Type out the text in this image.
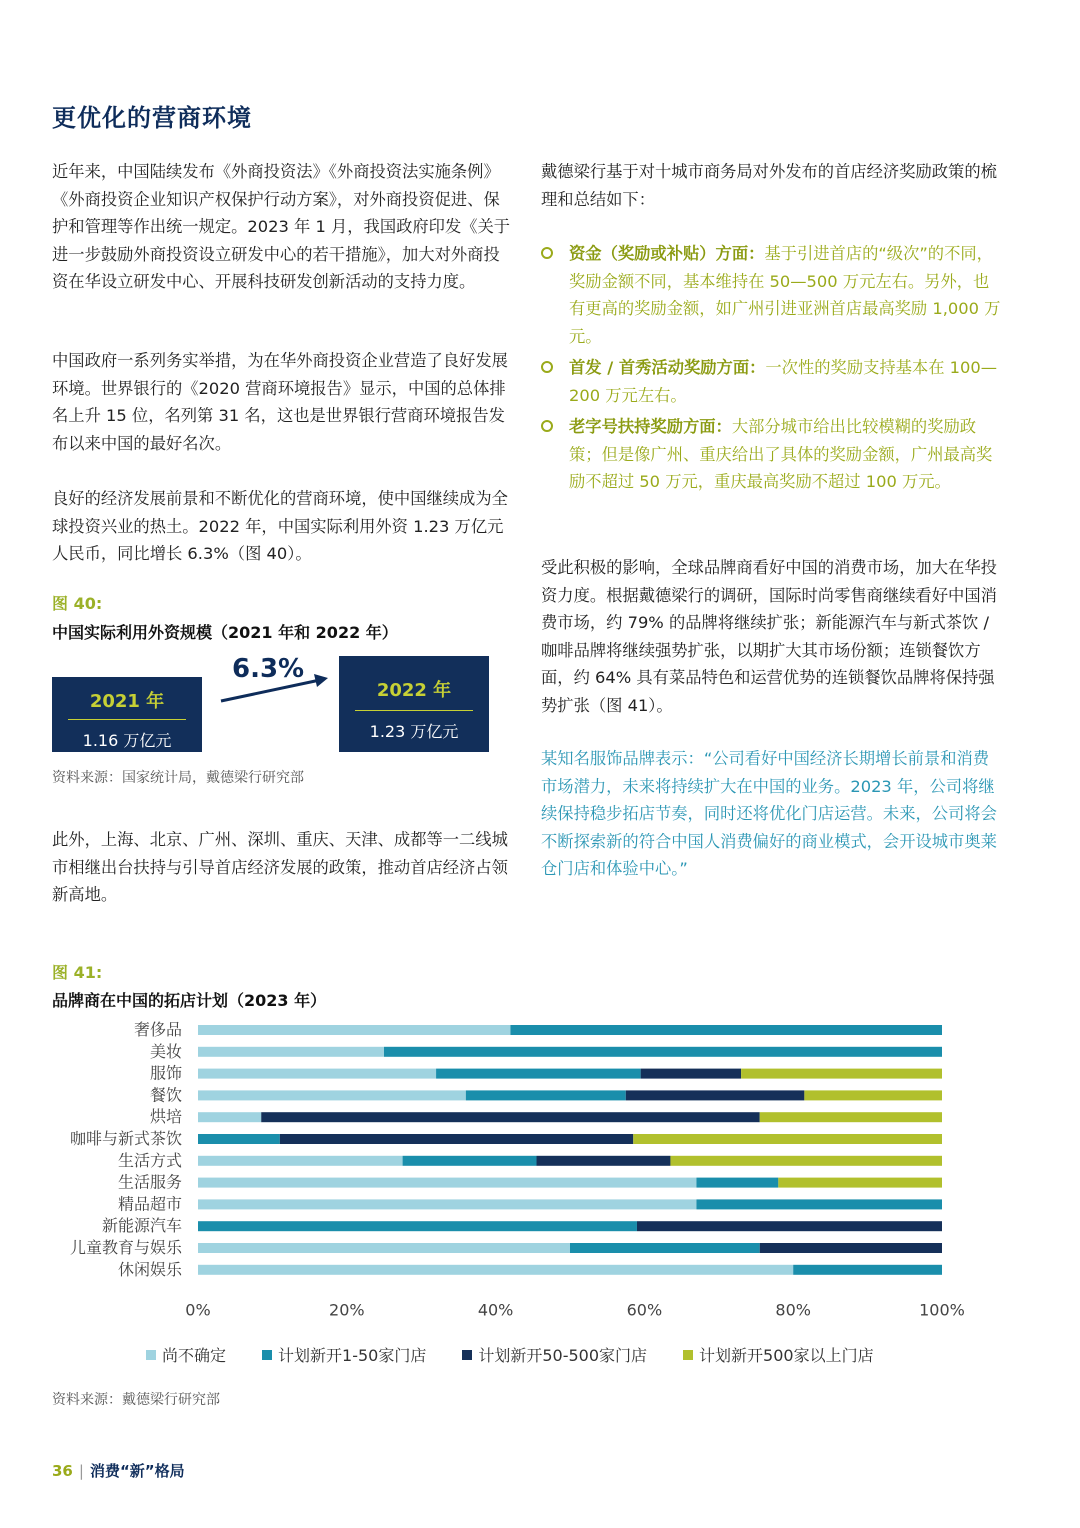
更优化的营商环境

近年来，中国陆续发布《外商投资法》《外商投资法实施条例》《外商投资企业知识产权保护行动方案》，对外商投资促进、保护和管理等作出统一规定。2023 年 1 月，我国政府印发《关于进一步鼓励外商投资设立研发中心的若干措施》，加大对外商投资在华设立研发中心、开展科技研发创新活动的支持力度。

中国政府一系列务实举措，为在华外商投资企业营造了良好发展环境。世界银行的《2020 营商环境报告》显示，中国的总体排名上升 15 位，名列第 31 名，这也是世界银行营商环境报告发布以来中国的最好名次。

良好的经济发展前景和不断优化的营商环境，使中国继续成为全球投资兴业的热土。2022 年，中国实际利用外资 1.23 万亿元人民币，同比增长 6.3%（图 40）。

图 40:
中国实际利用外资规模（2021 年和 2022 年）
2021 年
1.16 万亿元
6.3%
2022 年
1.23 万亿元
资料来源：国家统计局，戴德梁行研究部

此外，上海、北京、广州、深圳、重庆、天津、成都等一二线城市相继出台扶持与引导首店经济发展的政策，推动首店经济占领新高地。

戴德梁行基于对十城市商务局对外发布的首店经济奖励政策的梳理和总结如下：

资金（奖励或补贴）方面：基于引进首店的“级次”的不同，奖励金额不同，基本维持在 50—500 万元左右。另外，也有更高的奖励金额，如广州引进亚洲首店最高奖励 1,000 万元。
首发 / 首秀活动奖励方面：一次性的奖励支持基本在 100—200 万元左右。
老字号扶持奖励方面：大部分城市给出比较模糊的奖励政策；但是像广州、重庆给出了具体的奖励金额，广州最高奖励不超过 50 万元，重庆最高奖励不超过 100 万元。

受此积极的影响，全球品牌商看好中国的消费市场，加大在华投资力度。根据戴德梁行的调研，国际时尚零售商继续看好中国消费市场，约 79% 的品牌将继续扩张；新能源汽车与新式茶饮 / 咖啡品牌将继续强势扩张，以期扩大其市场份额；连锁餐饮方面，约 64% 具有菜品特色和运营优势的连锁餐饮品牌将保持强势扩张（图 41）。

某知名服饰品牌表示：“公司看好中国经济长期增长前景和消费市场潜力，未来将持续扩大在中国的业务。2023 年，公司将继续保持稳步拓店节奏，同时还将优化门店运营。未来，公司将会不断探索新的符合中国人消费偏好的商业模式，会开设城市奥莱仓门店和体验中心。”

图 41:
品牌商在中国的拓店计划（2023 年）
奢侈品
美妆
服饰
餐饮
烘培
咖啡与新式茶饮
生活方式
生活服务
精品超市
新能源汽车
儿童教育与娱乐
休闲娱乐
0%	20%	40%	60%	80%	100%
尚不确定	计划新开1-50家门店	计划新开50-500家门店	计划新开500家以上门店
资料来源：戴德梁行研究部
36 | 消费“新”格局
